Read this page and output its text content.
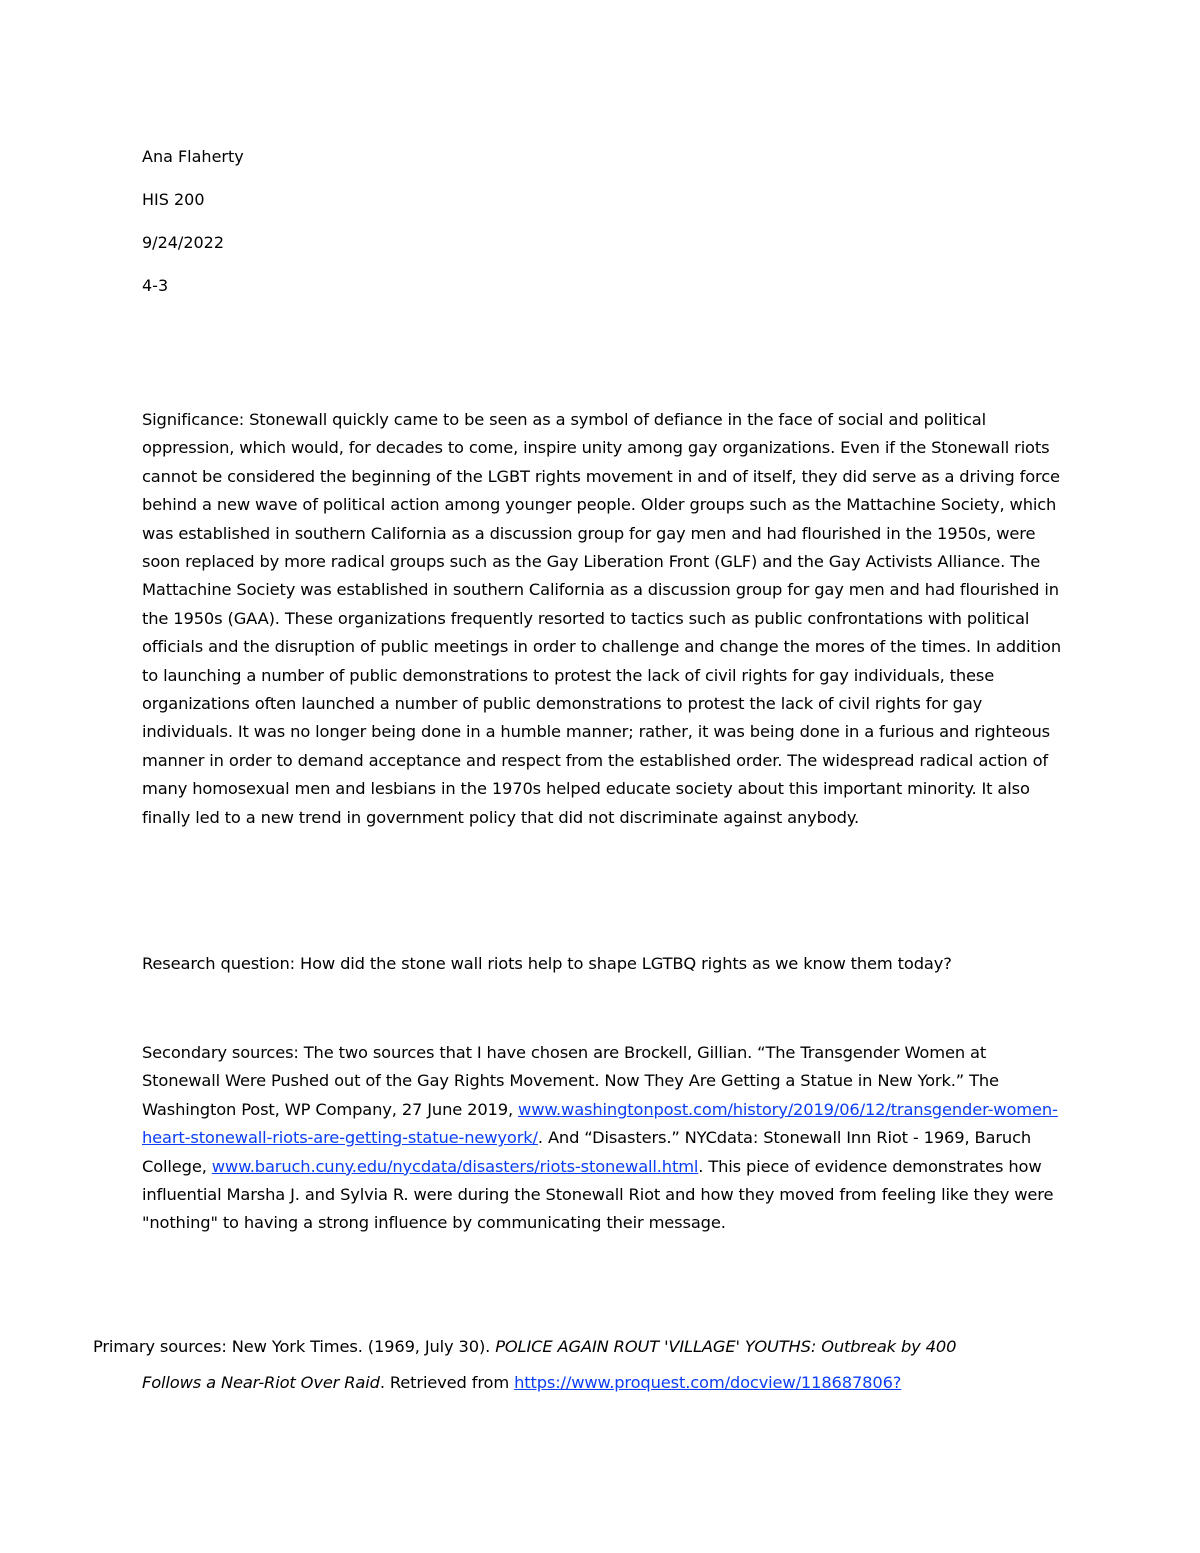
Ana Flaherty

HIS 200

9/24/2022

4-3

Significance: Stonewall quickly came to be seen as a symbol of defiance in the face of social and political oppression, which would, for decades to come, inspire unity among gay organizations. Even if the Stonewall riots cannot be considered the beginning of the LGBT rights movement in and of itself, they did serve as a driving force behind a new wave of political action among younger people. Older groups such as the Mattachine Society, which was established in southern California as a discussion group for gay men and had flourished in the 1950s, were soon replaced by more radical groups such as the Gay Liberation Front (GLF) and the Gay Activists Alliance. The Mattachine Society was established in southern California as a discussion group for gay men and had flourished in the 1950s (GAA). These organizations frequently resorted to tactics such as public confrontations with political officials and the disruption of public meetings in order to challenge and change the mores of the times. In addition to launching a number of public demonstrations to protest the lack of civil rights for gay individuals, these organizations often launched a number of public demonstrations to protest the lack of civil rights for gay individuals. It was no longer being done in a humble manner; rather, it was being done in a furious and righteous manner in order to demand acceptance and respect from the established order. The widespread radical action of many homosexual men and lesbians in the 1970s helped educate society about this important minority. It also finally led to a new trend in government policy that did not discriminate against anybody.

Research question: How did the stone wall riots help to shape LGTBQ rights as we know them today?

Secondary sources: The two sources that I have chosen are Brockell, Gillian. “The Transgender Women at Stonewall Were Pushed out of the Gay Rights Movement. Now They Are Getting a Statue in New York.” The Washington Post, WP Company, 27 June 2019, www.washingtonpost.com/history/2019/06/12/transgender-women-heart-stonewall-riots-are-getting-statue-newyork/. And “Disasters.” NYCdata: Stonewall Inn Riot - 1969, Baruch College, www.baruch.cuny.edu/nycdata/disasters/riots-stonewall.html. This piece of evidence demonstrates how influential Marsha J. and Sylvia R. were during the Stonewall Riot and how they moved from feeling like they were "nothing" to having a strong influence by communicating their message.

Primary sources: New York Times. (1969, July 30). POLICE AGAIN ROUT 'VILLAGE' YOUTHS: Outbreak by 400
Follows a Near-Riot Over Raid. Retrieved from https://www.proquest.com/docview/118687806?
